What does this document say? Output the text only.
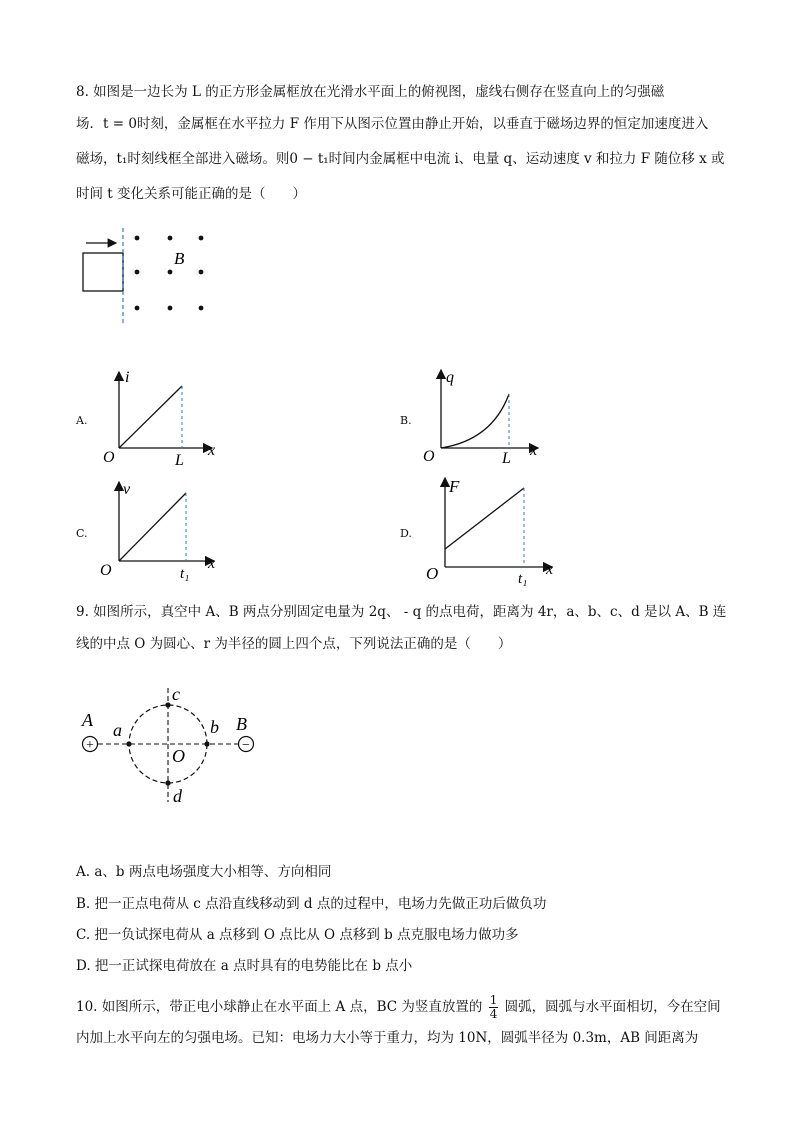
8. 如图是一边长为 L 的正方形金属框放在光滑水平面上的俯视图，虚线右侧存在竖直向上的匀强磁
场．t = 0时刻，金属框在水平拉力 F 作用下从图示位置由静止开始，以垂直于磁场边界的恒定加速度进入
磁场，t₁时刻线框全部进入磁场。则0 − t₁时间内金属框中电流 i、电量 q、运动速度 v 和拉力 F 随位移 x 或
时间 t 变化关系可能正确的是（　　）
B
A.
i
x
O	L
B.
q
x
O	L
C.
v
x
O	t₁
D.
F
x
O	t₁
9. 如图所示，真空中 A、B 两点分别固定电量为 2q、 - q 的点电荷，距离为 4r，a、b、c、d 是以 A、B 连
线的中点 O 为圆心、r 为半径的圆上四个点，下列说法正确的是（　　）
+	−
A	B
a	b
c
d
O
A. a、b 两点电场强度大小相等、方向相同
B. 把一正点电荷从 c 点沿直线移动到 d 点的过程中，电场力先做正功后做负功
C. 把一负试探电荷从 a 点移到 O 点比从 O 点移到 b 点克服电场力做功多
D. 把一正试探电荷放在 a 点时具有的电势能比在 b 点小
10. 如图所示，带正电小球静止在水平面上 A 点，BC 为竖直放置的 $\frac{1}{4}$ 圆弧，圆弧与水平面相切，今在空间
内加上水平向左的匀强电场。已知：电场力大小等于重力，均为 10N，圆弧半径为 0.3m，AB 间距离为
